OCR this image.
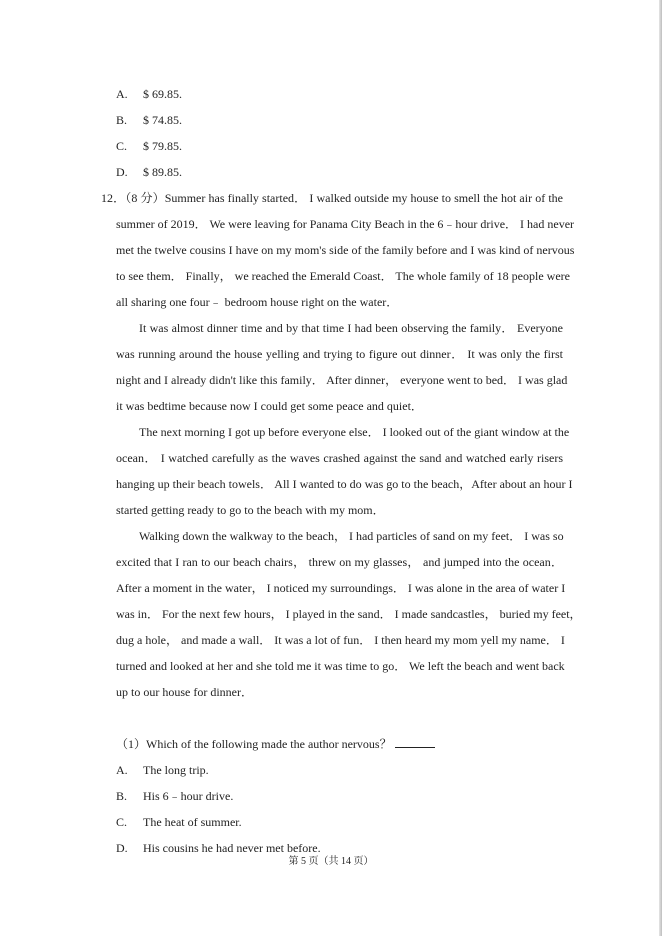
A. $ 69.85.
B. $ 74.85.
C. $ 79.85.
D. $ 89.85.
12．（8 分）Summer has finally started． I walked outside my house to smell the hot air of the
summer of 2019． We were leaving for Panama City Beach in the 6﹣hour drive． I had never
met the twelve cousins I have on my mom's side of the family before and I was kind of nervous
to see them． Finally， we reached the Emerald Coast． The whole family of 18 people were
all sharing one four﹣ bedroom house right on the water．
It was almost dinner time and by that time I had been observing the family． Everyone
was running around the house yelling and trying to figure out dinner． It was only the first
night and I already didn't like this family． After dinner， everyone went to bed． I was glad
it was bedtime because now I could get some peace and quiet．
The next morning I got up before everyone else． I looked out of the giant window at the
ocean． I watched carefully as the waves crashed against the sand and watched early risers
hanging up their beach towels． All I wanted to do was go to the beach，After about an hour I
started getting ready to go to the beach with my mom．
Walking down the walkway to the beach， I had particles of sand on my feet． I was so
excited that I ran to our beach chairs， threw on my glasses， and jumped into the ocean．
After a moment in the water， I noticed my surroundings． I was alone in the area of water I
was in． For the next few hours， I played in the sand． I made sandcastles， buried my feet，
dug a hole， and made a wall． It was a lot of fun． I then heard my mom yell my name． I
turned and looked at her and she told me it was time to go． We left the beach and went back
up to our house for dinner．
（1）Which of the following made the author nervous？
A. The long trip.
B. His 6﹣hour drive.
C. The heat of summer.
D. His cousins he had never met before.
第 5 页（共 14 页）
